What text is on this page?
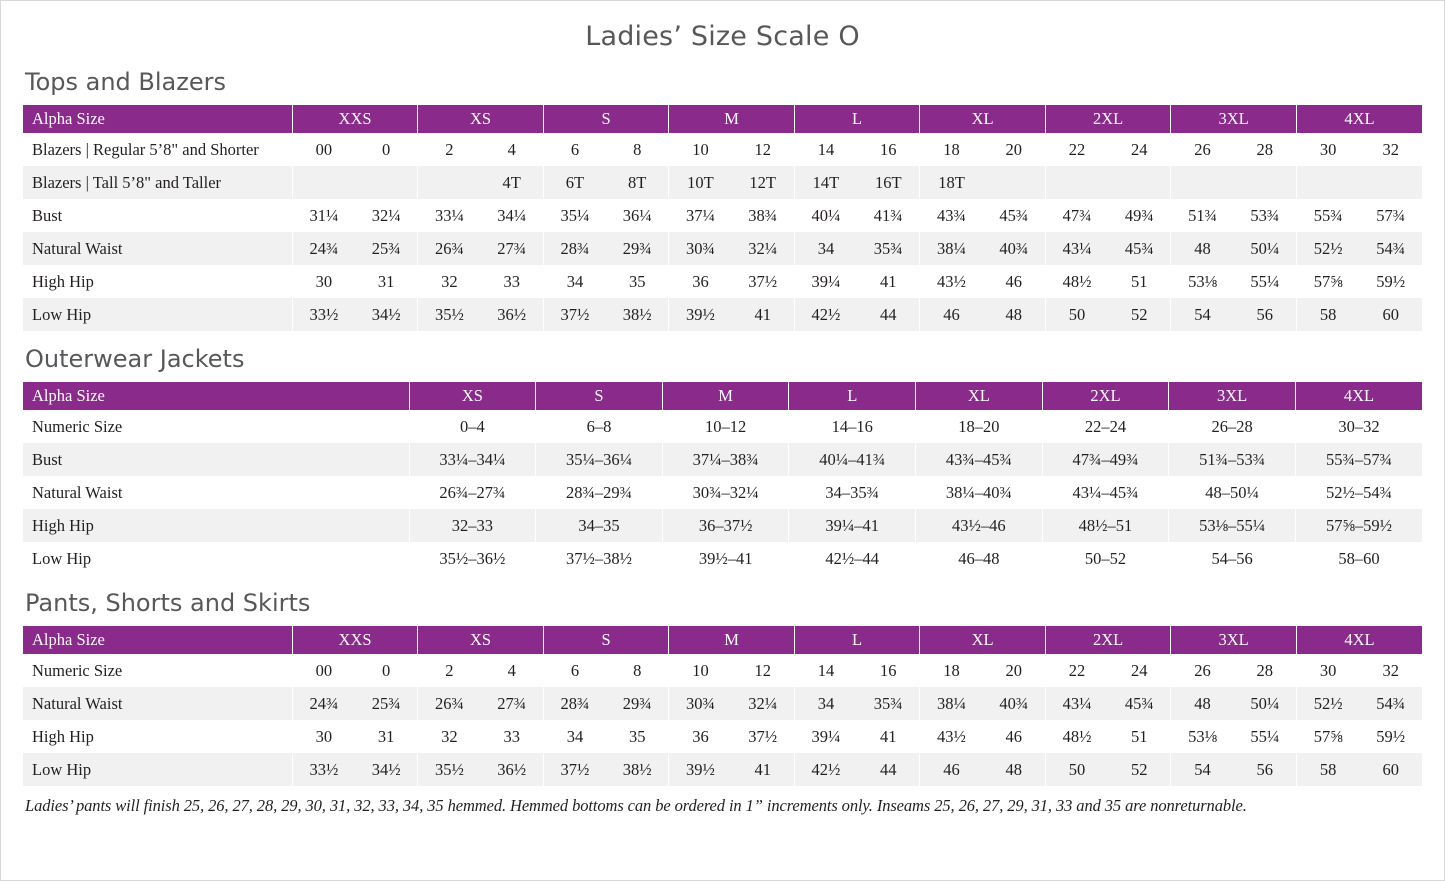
Ladies’ Size Scale O
Tops and Blazers
Alpha Size	XXS	XS	S	M	L	XL	2XL	3XL	4XL
Blazers | Regular 5’8" and Shorter	00 0	2 4	6 8	10 12	14 16	18 20	22 24	26 28	30 32

Blazers | Tall 5’8" and Taller		4T	6T 8T	10T 12T	14T 16T	18T			

Bust	31¼ 32¼	33¼ 34¼	35¼ 36¼	37¼ 38¾	40¼ 41¾	43¾ 45¾	47¾ 49¾	51¾ 53¾	55¾ 57¾

Natural Waist	24¾ 25¾	26¾ 27¾	28¾ 29¾	30¾ 32¼	34 35¾	38¼ 40¾	43¼ 45¾	48 50¼	52½ 54¾

High Hip	30 31	32 33	34 35	36 37½	39¼ 41	43½ 46	48½ 51	53⅛ 55¼	57⅝ 59½

Low Hip	33½ 34½	35½ 36½	37½ 38½	39½ 41	42½ 44	46 48	50 52	54 56	58 60
Outerwear Jackets
Alpha Size	XS	S	M	L	XL	2XL	3XL	4XL
Numeric Size	0–4	6–8	10–12	14–16	18–20	22–24	26–28	30–32
Bust	33¼–34¼	35¼–36¼	37¼–38¾	40¼–41¾	43¾–45¾	47¾–49¾	51¾–53¾	55¾–57¾
Natural Waist	26¾–27¾	28¾–29¾	30¾–32¼	34–35¾	38¼–40¾	43¼–45¾	48–50¼	52½–54¾
High Hip	32–33	34–35	36–37½	39¼–41	43½–46	48½–51	53⅛–55¼	57⅝–59½
Low Hip	35½–36½	37½–38½	39½–41	42½–44	46–48	50–52	54–56	58–60
Pants, Shorts and Skirts
Alpha Size	XXS	XS	S	M	L	XL	2XL	3XL	4XL
Numeric Size	00 0	2 4	6 8	10 12	14 16	18 20	22 24	26 28	30 32

Natural Waist	24¾ 25¾	26¾ 27¾	28¾ 29¾	30¾ 32¼	34 35¾	38¼ 40¾	43¼ 45¾	48 50¼	52½ 54¾

High Hip	30 31	32 33	34 35	36 37½	39¼ 41	43½ 46	48½ 51	53⅛ 55¼	57⅝ 59½

Low Hip	33½ 34½	35½ 36½	37½ 38½	39½ 41	42½ 44	46 48	50 52	54 56	58 60
Ladies’ pants will finish 25, 26, 27, 28, 29, 30, 31, 32, 33, 34, 35 hemmed. Hemmed bottoms can be ordered in 1” increments only. Inseams 25, 26, 27, 29, 31, 33 and 35 are nonreturnable.
